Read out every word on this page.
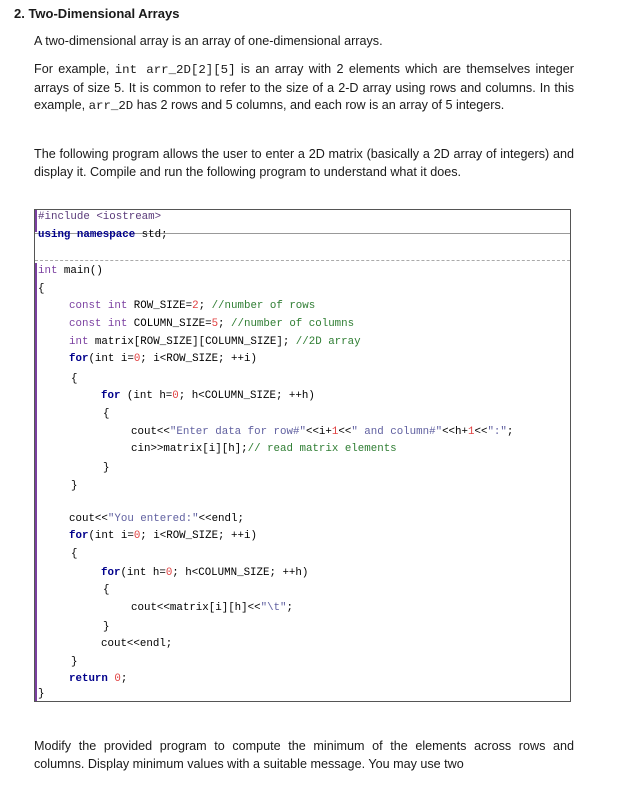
2. Two-Dimensional Arrays

A two-dimensional array is an array of one-dimensional arrays.

For example, int arr_2D[2][5] is an array with 2 elements which are themselves integer arrays of size 5. It is common to refer to the size of a 2-D array using rows and columns. In this example, arr_2D has 2 rows and 5 columns, and each row is an array of 5 integers.

The following program allows the user to enter a 2D matrix (basically a 2D array of integers) and display it. Compile and run the following program to understand what it does.

#include <iostream>
using namespace std;
int main()
{
const int ROW_SIZE=2; //number of rows
const int COLUMN_SIZE=5; //number of columns
int matrix[ROW_SIZE][COLUMN_SIZE]; //2D array
for(int i=0; i<ROW_SIZE; ++i)
{
for (int h=0; h<COLUMN_SIZE; ++h)
{
cout<<"Enter data for row#"<<i+1<<" and column#"<<h+1<<":";
cin>>matrix[i][h];// read matrix elements
}
}
cout<<"You entered:"<<endl;
for(int i=0; i<ROW_SIZE; ++i)
{
for(int h=0; h<COLUMN_SIZE; ++h)
{
cout<<matrix[i][h]<<"\t";
}
cout<<endl;
}
return 0;
}

Modify the provided program to compute the minimum of the elements across rows and columns. Display minimum values with a suitable message. You may use two
